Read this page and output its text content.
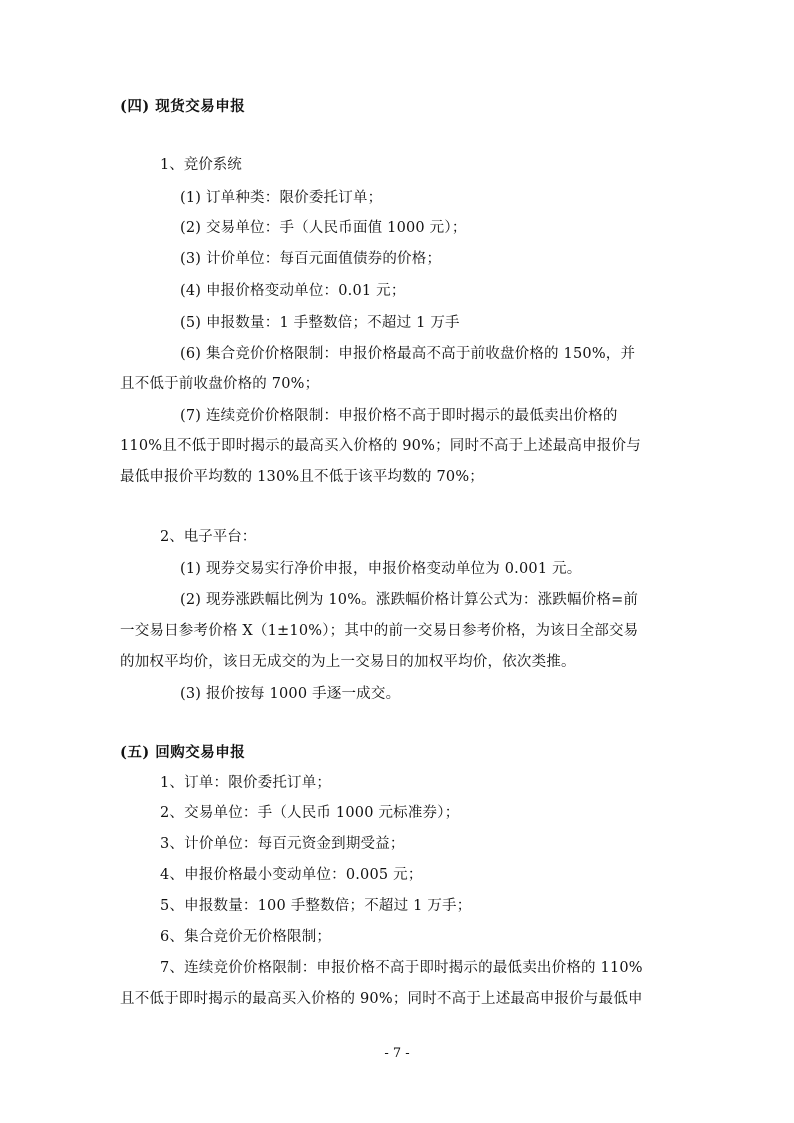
(四) 现货交易申报
1、竞价系统
(1) 订单种类：限价委托订单；
(2) 交易单位：手（人民币面值 1000 元）；
(3) 计价单位：每百元面值债券的价格；
(4) 申报价格变动单位：0.01 元；
(5) 申报数量：1 手整数倍；不超过 1 万手
(6) 集合竞价价格限制：申报价格最高不高于前收盘价格的 150%，并
且不低于前收盘价格的 70%；
(7) 连续竞价价格限制：申报价格不高于即时揭示的最低卖出价格的
110%且不低于即时揭示的最高买入价格的 90%；同时不高于上述最高申报价与
最低申报价平均数的 130%且不低于该平均数的 70%；
2、电子平台：
(1) 现券交易实行净价申报，申报价格变动单位为 0.001 元。
(2) 现券涨跌幅比例为 10%。涨跌幅价格计算公式为：涨跌幅价格=前
一交易日参考价格 X（1±10%）；其中的前一交易日参考价格，为该日全部交易
的加权平均价，该日无成交的为上一交易日的加权平均价，依次类推。
(3) 报价按每 1000 手逐一成交。
(五) 回购交易申报
1、订单：限价委托订单；
2、交易单位：手（人民币 1000 元标准券）；
3、计价单位：每百元资金到期受益；
4、申报价格最小变动单位：0.005 元；
5、申报数量：100 手整数倍；不超过 1 万手；
6、集合竞价无价格限制；
7、连续竞价价格限制：申报价格不高于即时揭示的最低卖出价格的 110%
且不低于即时揭示的最高买入价格的 90%；同时不高于上述最高申报价与最低申
- 7 -
